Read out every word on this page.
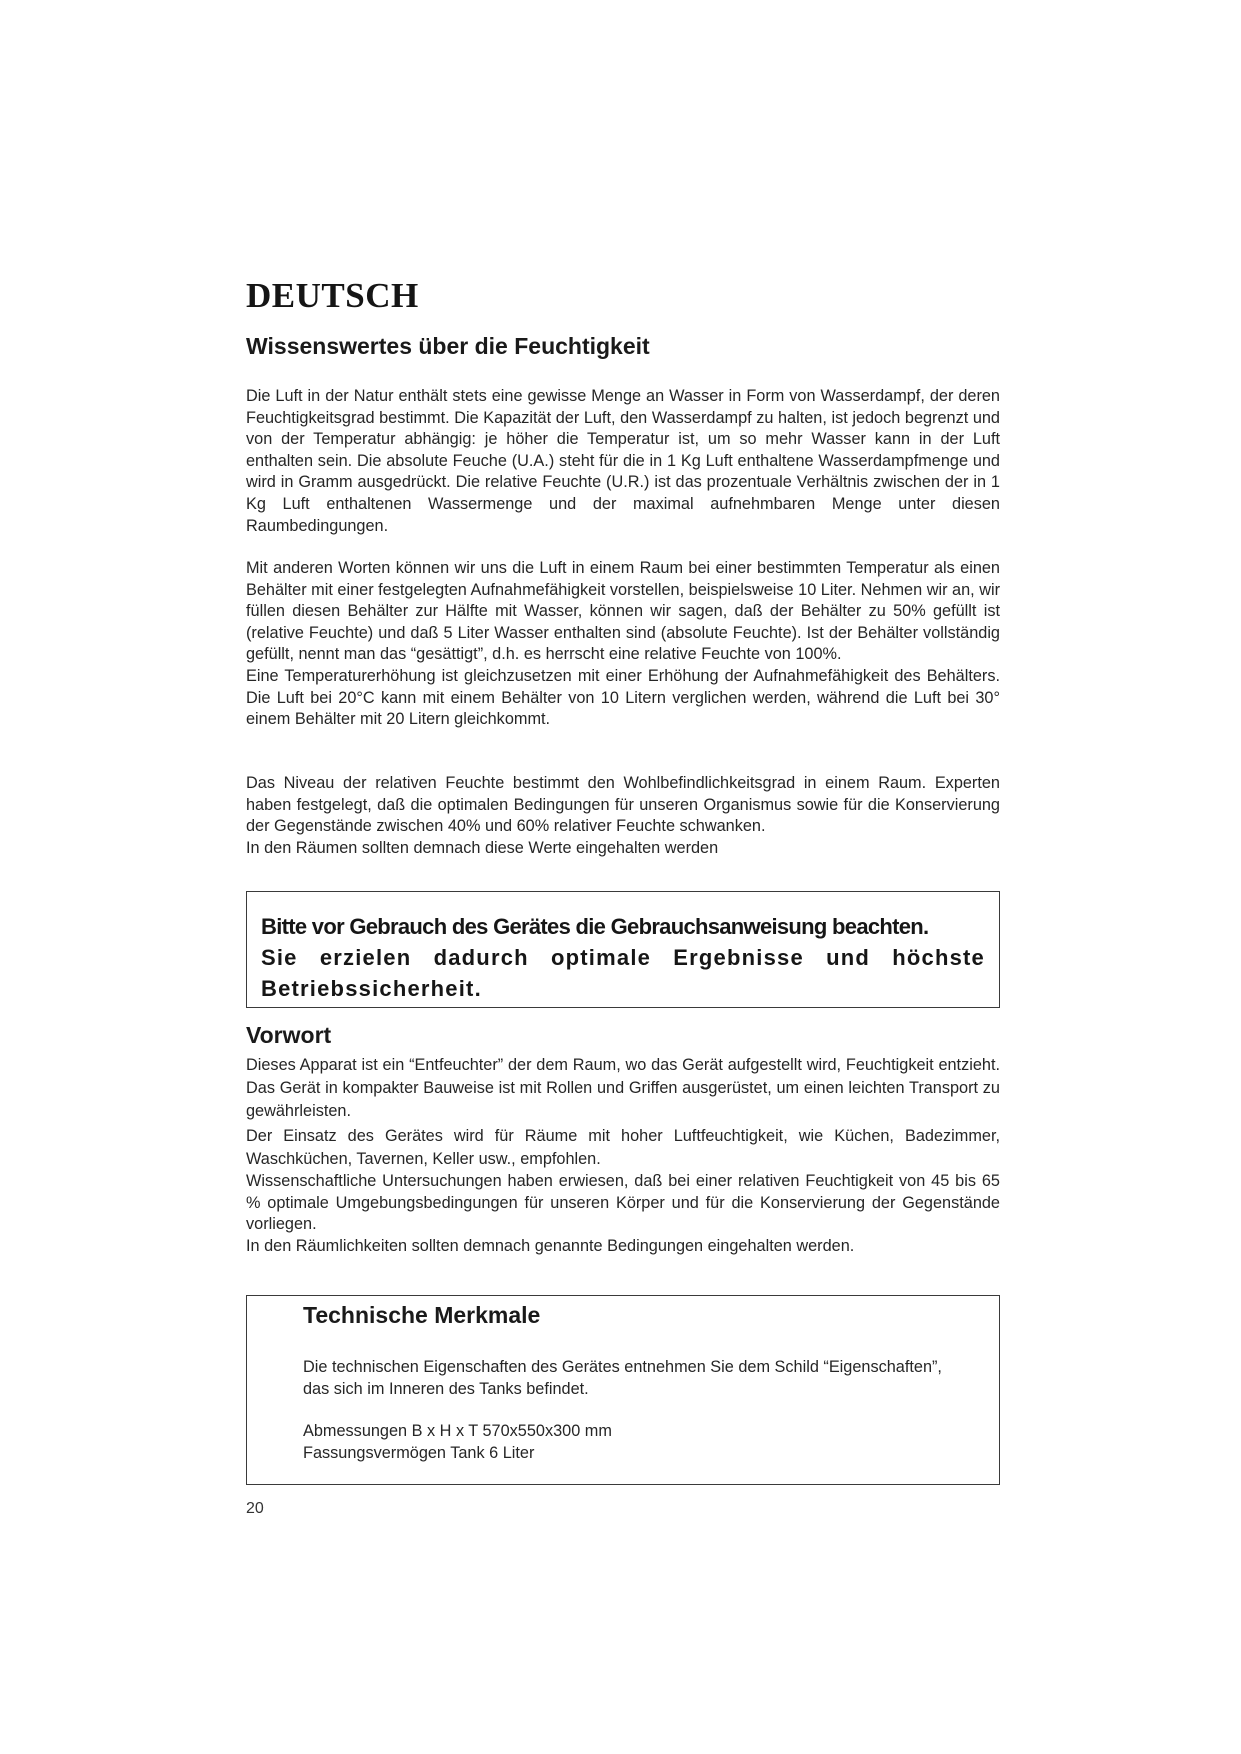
DEUTSCH
Wissenswertes über die Feuchtigkeit

Die Luft in der Natur enthält stets eine gewisse Menge an Wasser in Form von Wasserdampf, der deren Feuchtigkeitsgrad bestimmt. Die Kapazität der Luft, den Wasserdampf zu halten, ist jedoch begrenzt und von der Temperatur abhängig: je höher die Temperatur ist, um so mehr Wasser kann in der Luft enthalten sein. Die absolute Feuche (U.A.) steht für die in 1 Kg Luft enthaltene Wasserdampfmenge und wird in Gramm ausgedrückt. Die relative Feuchte (U.R.) ist das prozentuale Verhältnis zwischen der in 1 Kg Luft enthaltenen Wassermenge und der maximal aufnehmbaren Menge unter diesen Raumbedingungen.

Mit anderen Worten können wir uns die Luft in einem Raum bei einer bestimmten Temperatur als einen Behälter mit einer festgelegten Aufnahmefähigkeit vorstellen, beispielsweise 10 Liter. Nehmen wir an, wir füllen diesen Behälter zur Hälfte mit Wasser, können wir sagen, daß der Behälter zu 50% gefüllt ist (relative Feuchte) und daß 5 Liter Wasser enthalten sind (absolute Feuchte). Ist der Behälter vollständig gefüllt, nennt man das “gesättigt”, d.h. es herrscht eine relative Feuchte von 100%.
Eine Temperaturerhöhung ist gleichzusetzen mit einer Erhöhung der Aufnahmefähigkeit des Behälters. Die Luft bei 20°C kann mit einem Behälter von 10 Litern verglichen werden, während die Luft bei 30° einem Behälter mit 20 Litern gleichkommt.
Das Niveau der relativen Feuchte bestimmt den Wohlbefindlichkeitsgrad in einem Raum. Experten haben festgelegt, daß die optimalen Bedingungen für unseren Organismus sowie für die Konservierung der Gegenstände zwischen 40% und 60% relativer Feuchte schwanken.
In den Räumen sollten demnach diese Werte eingehalten werden

Bitte vor Gebrauch des Gerätes die Gebrauchsanweisung beachten.
Sie erzielen dadurch optimale Ergebnisse und höchste Betriebssicherheit.

Vorwort
Dieses Apparat ist ein “Entfeuchter” der dem Raum, wo das Gerät aufgestellt wird, Feuchtigkeit entzieht. Das Gerät in kompakter Bauweise ist mit Rollen und Griffen ausgerüstet, um einen leichten Transport zu gewährleisten.
Der Einsatz des Gerätes wird für Räume mit hoher Luftfeuchtigkeit, wie Küchen, Badezimmer, Waschküchen, Tavernen, Keller usw., empfohlen.
Wissenschaftliche Untersuchungen haben erwiesen, daß bei einer relativen Feuchtigkeit von 45 bis 65 % optimale Umgebungsbedingungen für unseren Körper und für die Konservierung der Gegenstände vorliegen.
In den Räumlichkeiten sollten demnach genannte Bedingungen eingehalten werden.
Technische Merkmale

Die technischen Eigenschaften des Gerätes entnehmen Sie dem Schild “Eigenschaften”,
das sich im Inneren des Tanks befindet.

Abmessungen B x H x T 570x550x300 mm
Fassungsvermögen Tank 6 Liter

20
